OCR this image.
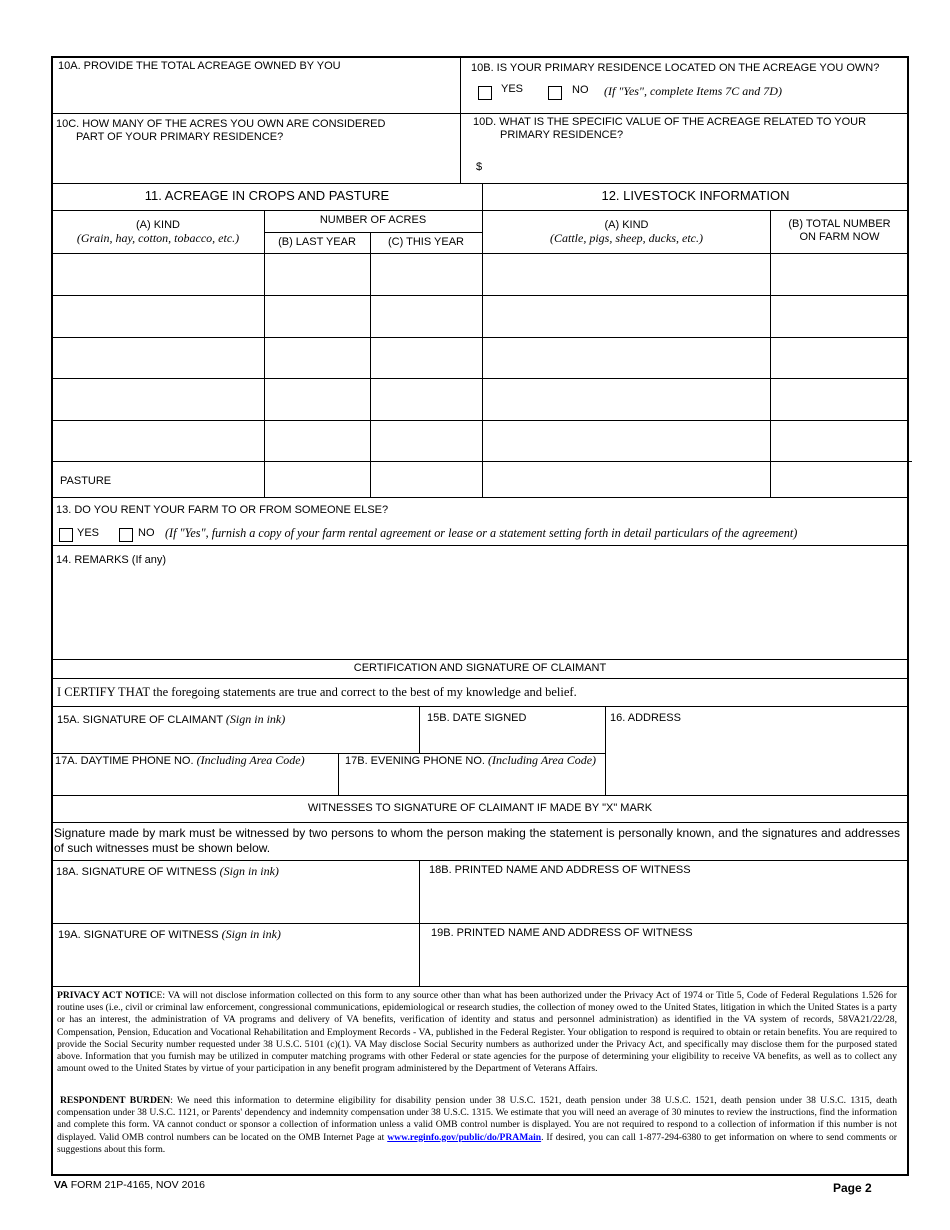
10A. PROVIDE THE TOTAL ACREAGE OWNED BY YOU	10B. IS YOUR PRIMARY RESIDENCE LOCATED ON THE ACREAGE YOU OWN?
YES	NO (If "Yes", complete Items 7C and 7D)
10C. HOW MANY OF THE ACRES YOU OWN ARE CONSIDERED
PART OF YOUR PRIMARY RESIDENCE?
10D. WHAT IS THE SPECIFIC VALUE OF THE ACREAGE RELATED TO YOUR
PRIMARY RESIDENCE?
$
11. ACREAGE IN CROPS AND PASTURE	12. LIVESTOCK INFORMATION
(A) KIND
(Grain, hay, cotton, tobacco, etc.)
NUMBER OF ACRES
(B) LAST YEAR	(C) THIS YEAR
(A) KIND
(Cattle, pigs, sheep, ducks, etc.)
(B) TOTAL NUMBER
ON FARM NOW
PASTURE
13. DO YOU RENT YOUR FARM TO OR FROM SOMEONE ELSE?
YES	NO (If "Yes", furnish a copy of your farm rental agreement or lease or a statement setting forth in detail particulars of the agreement)
14. REMARKS (If any)
CERTIFICATION AND SIGNATURE OF CLAIMANT
I CERTIFY THAT the foregoing statements are true and correct to the best of my knowledge and belief.
15A. SIGNATURE OF CLAIMANT (Sign in ink)	15B. DATE SIGNED	16. ADDRESS
17A. DAYTIME PHONE NO. (Including Area Code)	17B. EVENING PHONE NO. (Including Area Code)
WITNESSES TO SIGNATURE OF CLAIMANT IF MADE BY "X" MARK
Signature made by mark must be witnessed by two persons to whom the person making the statement is personally known, and the signatures and addresses of such witnesses must be shown below.
18A. SIGNATURE OF WITNESS (Sign in ink)	18B. PRINTED NAME AND ADDRESS OF WITNESS
19A. SIGNATURE OF WITNESS (Sign in ink)	19B. PRINTED NAME AND ADDRESS OF WITNESS
PRIVACY ACT NOTICE: VA will not disclose information collected on this form to any source other than what has been authorized under the Privacy Act of 1974 or Title 5, Code of Federal Regulations 1.526 for routine uses (i.e., civil or criminal law enforcement, congressional communications, epidemiological or research studies, the collection of money owed to the United States, litigation in which the United States is a party or has an interest, the administration of VA programs and delivery of VA benefits, verification of identity and status and personnel administration) as identified in the VA system of records, 58VA21/22/28, Compensation, Pension, Education and Vocational Rehabilitation and Employment Records - VA, published in the Federal Register. Your obligation to respond is required to obtain or retain benefits. You are required to provide the Social Security number requested under 38 U.S.C. 5101 (c)(1). VA May disclose Social Security numbers as authorized under the Privacy Act, and specifically may disclose them for the purposed stated above. Information that you furnish may be utilized in computer matching programs with other Federal or state agencies for the purpose of determining your eligibility to receive VA benefits, as well as to collect any amount owed to the United States by virtue of your participation in any benefit program administered by the Department of Veterans Affairs.
RESPONDENT BURDEN: We need this information to determine eligibility for disability pension under 38 U.S.C. 1521, death pension under 38 U.S.C. 1521, death pension under 38 U.S.C. 1315, death compensation under 38 U.S.C. 1121, or Parents' dependency and indemnity compensation under 38 U.S.C. 1315. We estimate that you will need an average of 30 minutes to review the instructions, find the information and complete this form. VA cannot conduct or sponsor a collection of information unless a valid OMB control number is displayed. You are not required to respond to a collection of information if this number is not displayed. Valid OMB control numbers can be located on the OMB Internet Page at www.reginfo.gov/public/do/PRAMain. If desired, you can call 1-877-294-6380 to get information on where to send comments or suggestions about this form.
VA FORM 21P-4165, NOV 2016	Page 2
